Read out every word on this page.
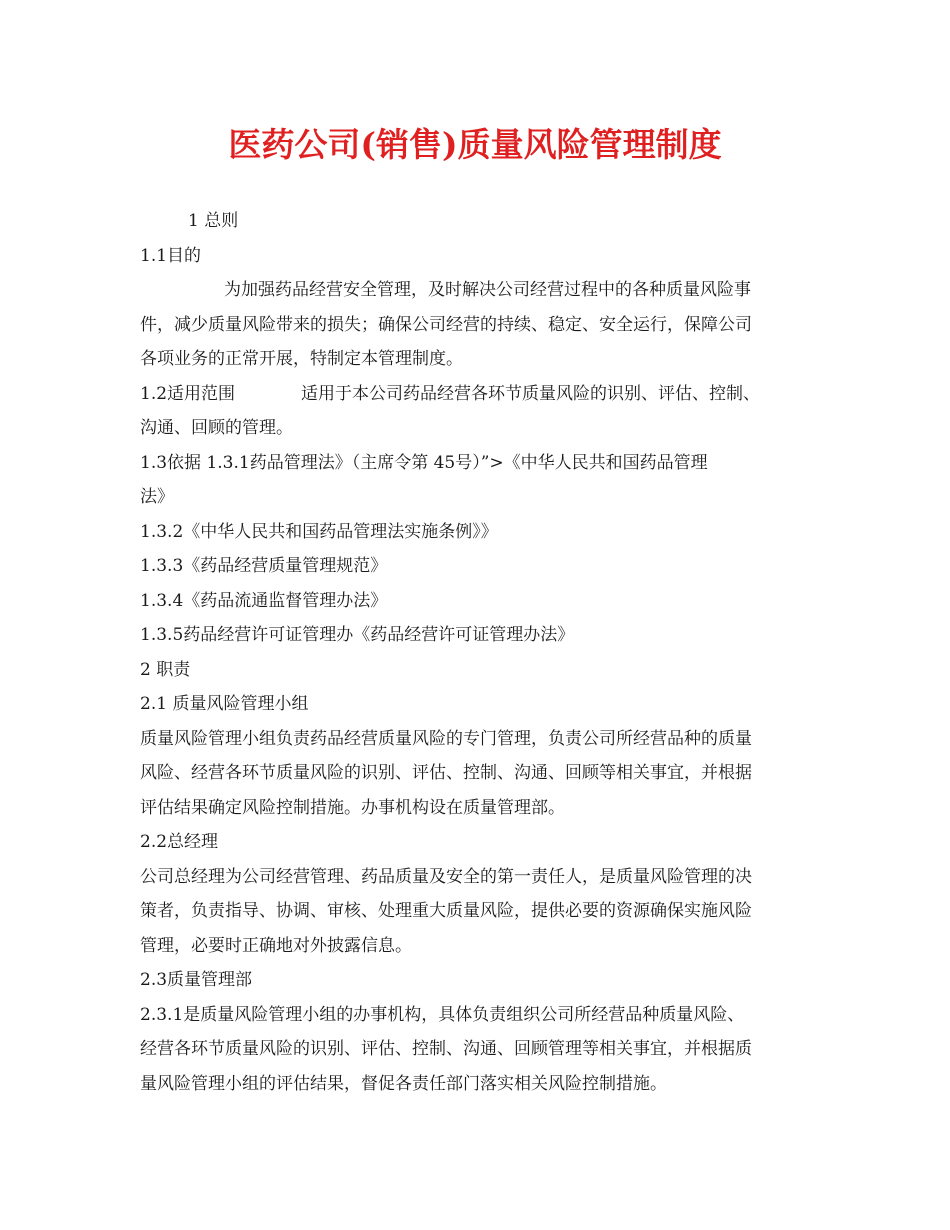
医药公司(销售)质量风险管理制度

1 总则

1.1目的

为加强药品经营安全管理，及时解决公司经营过程中的各种质量风险事

件，减少质量风险带来的损失；确保公司经营的持续、稳定、安全运行，保障公司

各项业务的正常开展，特制定本管理制度。

1.2适用范围	适用于本公司药品经营各环节质量风险的识别、评估、控制、

沟通、回顾的管理。

1.3依据 1.3.1药品管理法》（主席令第 45号）”>《中华人民共和国药品管理

法》

1.3.2《中华人民共和国药品管理法实施条例》》

1.3.3《药品经营质量管理规范》

1.3.4《药品流通监督管理办法》

1.3.5药品经营许可证管理办《药品经营许可证管理办法》

2 职责

2.1 质量风险管理小组

质量风险管理小组负责药品经营质量风险的专门管理，负责公司所经营品种的质量

风险、经营各环节质量风险的识别、评估、控制、沟通、回顾等相关事宜，并根据

评估结果确定风险控制措施。办事机构设在质量管理部。

2.2总经理

公司总经理为公司经营管理、药品质量及安全的第一责任人，是质量风险管理的决

策者，负责指导、协调、审核、处理重大质量风险，提供必要的资源确保实施风险

管理，必要时正确地对外披露信息。

2.3质量管理部

2.3.1是质量风险管理小组的办事机构，具体负责组织公司所经营品种质量风险、

经营各环节质量风险的识别、评估、控制、沟通、回顾管理等相关事宜，并根据质

量风险管理小组的评估结果，督促各责任部门落实相关风险控制措施。
